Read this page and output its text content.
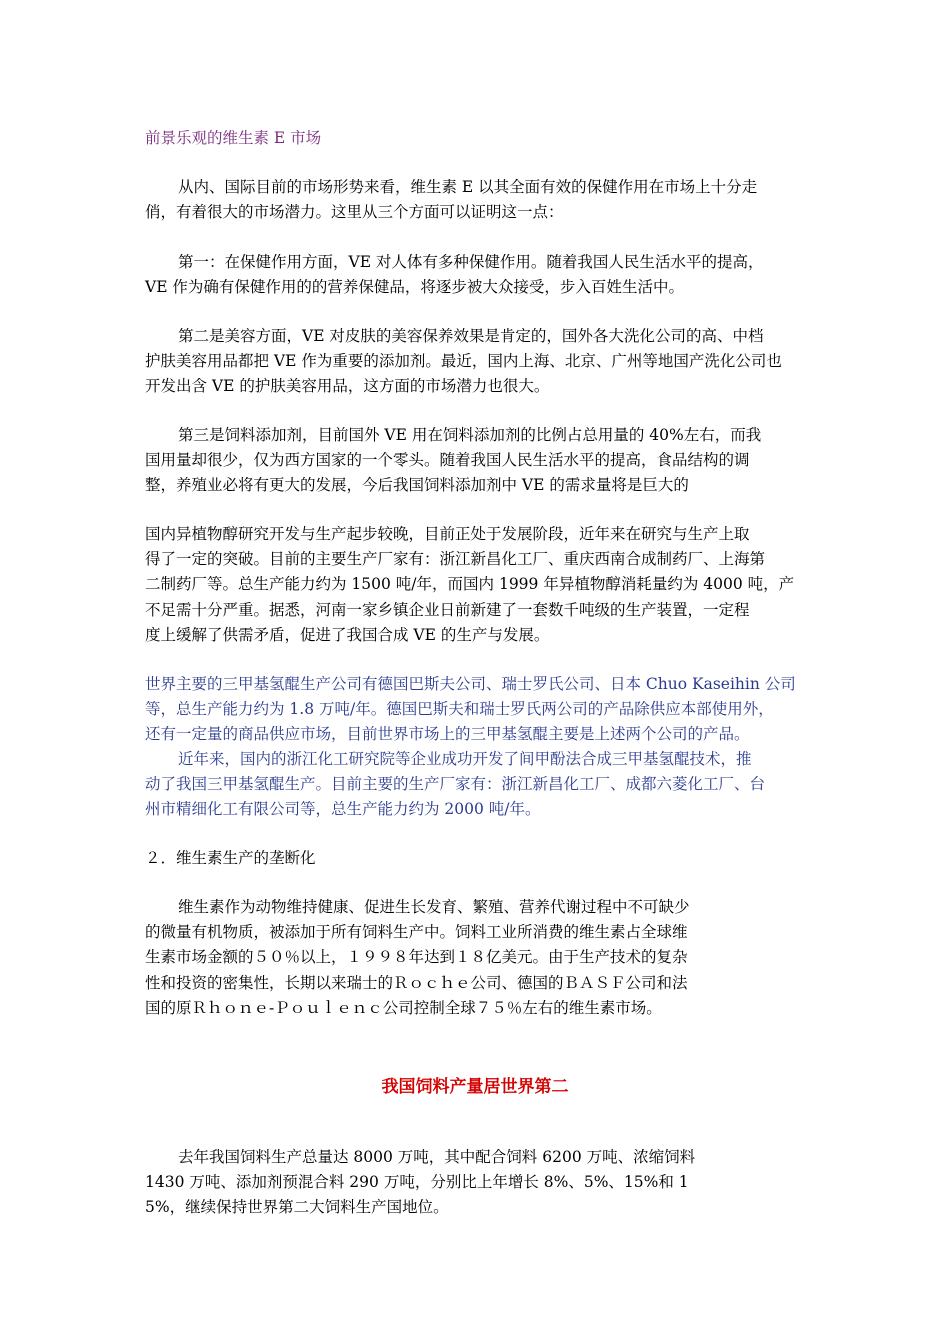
前景乐观的维生素 E 市场

从内、国际目前的市场形势来看，维生素 E 以其全面有效的保健作用在市场上十分走
俏，有着很大的市场潜力。这里从三个方面可以证明这一点：

第一：在保健作用方面，VE 对人体有多种保健作用。随着我国人民生活水平的提高，
VE 作为确有保健作用的的营养保健品，将逐步被大众接受，步入百姓生活中。

第二是美容方面，VE 对皮肤的美容保养效果是肯定的，国外各大洗化公司的高、中档
护肤美容用品都把 VE 作为重要的添加剂。最近，国内上海、北京、广州等地国产洗化公司也
开发出含 VE 的护肤美容用品，这方面的市场潜力也很大。

第三是饲料添加剂，目前国外 VE 用在饲料添加剂的比例占总用量的 40%左右，而我
国用量却很少，仅为西方国家的一个零头。随着我国人民生活水平的提高，食品结构的调
整，养殖业必将有更大的发展，今后我国饲料添加剂中 VE 的需求量将是巨大的

国内异植物醇研究开发与生产起步较晚，目前正处于发展阶段，近年来在研究与生产上取
得了一定的突破。目前的主要生产厂家有：浙江新昌化工厂、重庆西南合成制药厂、上海第
二制药厂等。总生产能力约为 1500 吨/年，而国内 1999 年异植物醇消耗量约为 4000 吨，产
不足需十分严重。据悉，河南一家乡镇企业日前新建了一套数千吨级的生产装置，一定程
度上缓解了供需矛盾，促进了我国合成 VE 的生产与发展。

世界主要的三甲基氢醌生产公司有德国巴斯夫公司、瑞士罗氏公司、日本 Chuo Kaseihin 公司
等，总生产能力约为 1.8 万吨/年。德国巴斯夫和瑞士罗氏两公司的产品除供应本部使用外，
还有一定量的商品供应市场，目前世界市场上的三甲基氢醌主要是上述两个公司的产品。

近年来，国内的浙江化工研究院等企业成功开发了间甲酚法合成三甲基氢醌技术，推
动了我国三甲基氢醌生产。目前主要的生产厂家有：浙江新昌化工厂、成都六菱化工厂、台
州市精细化工有限公司等，总生产能力约为 2000 吨/年。

２．维生素生产的垄断化

维生素作为动物维持健康、促进生长发育、繁殖、营养代谢过程中不可缺少
的微量有机物质，被添加于所有饲料生产中。饲料工业所消费的维生素占全球维
生素市场金额的５０％以上，１９９８年达到１８亿美元。由于生产技术的复杂
性和投资的密集性，长期以来瑞士的Ｒｏｃｈｅ公司、德国的ＢＡＳＦ公司和法
国的原Ｒｈｏｎｅ-Ｐｏｕｌｅｎｃ公司控制全球７５％左右的维生素市场。

我国饲料产量居世界第二

去年我国饲料生产总量达 8000 万吨，其中配合饲料 6200 万吨、浓缩饲料
1430 万吨、添加剂预混合料 290 万吨，分别比上年增长 8%、5%、15%和 1
5%，继续保持世界第二大饲料生产国地位。
